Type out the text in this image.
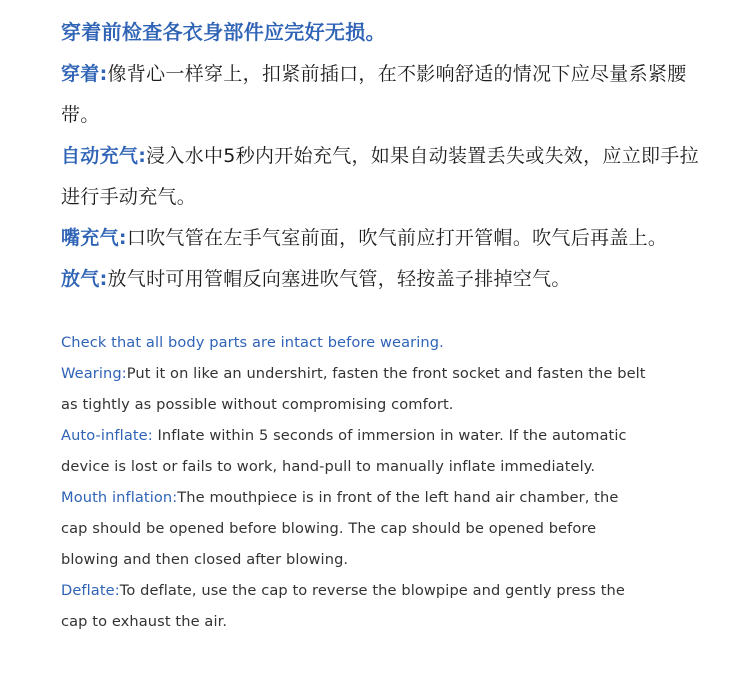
穿着前检查各衣身部件应完好无损。

穿着:像背心一样穿上，扣紧前插口，在不影响舒适的情况下应尽量系紧腰带。

自动充气:浸入水中5秒内开始充气，如果自动装置丢失或失效，应立即手拉进行手动充气。

嘴充气:口吹气管在左手气室前面，吹气前应打开管帽。吹气后再盖上。

放气:放气时可用管帽反向塞进吹气管，轻按盖子排掉空气。

Check that all body parts are intact before wearing.
Wearing:Put it on like an undershirt, fasten the front socket and fasten the belt
as tightly as possible without compromising comfort.
Auto-inflate: Inflate within 5 seconds of immersion in water. If the automatic
device is lost or fails to work, hand-pull to manually inflate immediately.
Mouth inflation:The mouthpiece is in front of the left hand air chamber, the
cap should be opened before blowing. The cap should be opened before
blowing and then closed after blowing.
Deflate:To deflate, use the cap to reverse the blowpipe and gently press the
cap to exhaust the air.
